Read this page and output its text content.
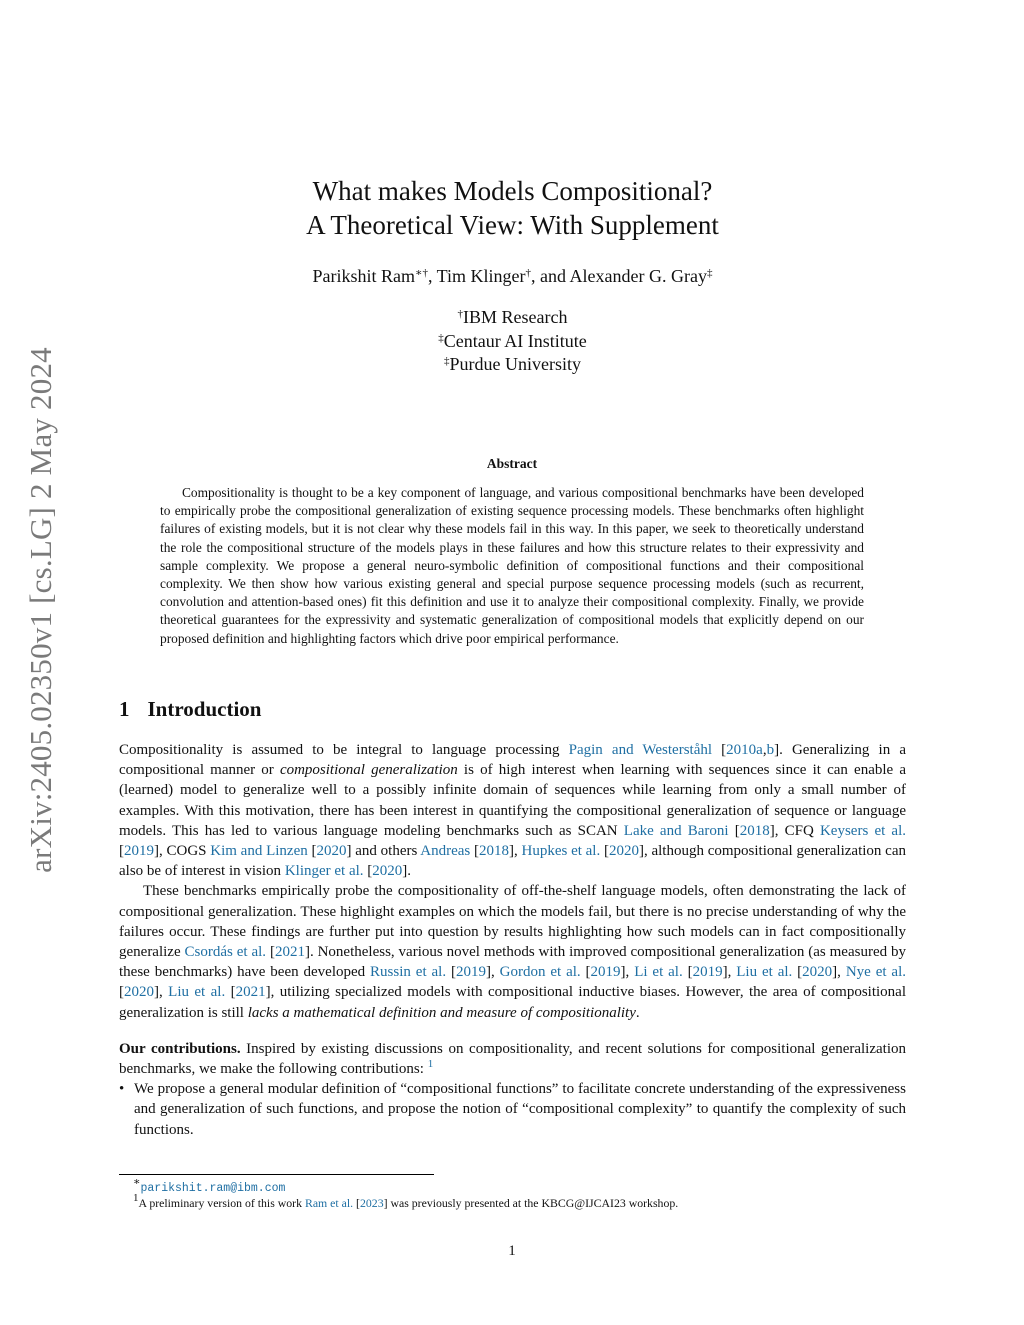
arXiv:2405.02350v1 [cs.LG] 2 May 2024
What makes Models Compositional?
A Theoretical View: With Supplement
Parikshit Ram∗†, Tim Klinger†, and Alexander G. Gray‡
†IBM Research
‡Centaur AI Institute
‡Purdue University
Abstract

Compositionality is thought to be a key component of language, and various compositional benchmarks have been developed to empirically probe the compositional generalization of existing sequence processing models. These benchmarks often highlight failures of existing models, but it is not clear why these models fail in this way. In this paper, we seek to theoretically understand the role the compositional structure of the models plays in these failures and how this structure relates to their expressivity and sample complexity. We propose a general neuro-symbolic definition of compositional functions and their compositional complexity. We then show how various existing general and special purpose sequence processing models (such as recurrent, convolution and attention-based ones) fit this definition and use it to analyze their compositional complexity. Finally, we provide theoretical guarantees for the expressivity and systematic generalization of compositional models that explicitly depend on our proposed definition and highlighting factors which drive poor empirical performance.

1 Introduction

Compositionality is assumed to be integral to language processing Pagin and Westerståhl [2010a,b]. Generalizing in a compositional manner or compositional generalization is of high interest when learning with sequences since it can enable a (learned) model to generalize well to a possibly infinite domain of sequences while learning from only a small number of examples. With this motivation, there has been interest in quantifying the compositional generalization of sequence or language models. This has led to various language modeling benchmarks such as SCAN Lake and Baroni [2018], CFQ Keysers et al. [2019], COGS Kim and Linzen [2020] and others Andreas [2018], Hupkes et al. [2020], although compositional generalization can also be of interest in vision Klinger et al. [2020].

These benchmarks empirically probe the compositionality of off-the-shelf language models, often demonstrating the lack of compositional generalization. These highlight examples on which the models fail, but there is no precise understanding of why the failures occur. These findings are further put into question by results highlighting how such models can in fact compositionally generalize Csordás et al. [2021]. Nonetheless, various novel methods with improved compositional generalization (as measured by these benchmarks) have been developed Russin et al. [2019], Gordon et al. [2019], Li et al. [2019], Liu et al. [2020], Nye et al. [2020], Liu et al. [2021], utilizing specialized models with compositional inductive biases. However, the area of compositional generalization is still lacks a mathematical definition and measure of compositionality.

Our contributions. Inspired by existing discussions on compositionality, and recent solutions for compositional generalization benchmarks, we make the following contributions: $^1$

• We propose a general modular definition of “compositional functions” to facilitate concrete understanding of the expressiveness and generalization of such functions, and propose the notion of “compositional complexity” to quantify the complexity of such functions.
∗parikshit.ram@ibm.com
$^1$A preliminary version of this work Ram et al. [2023] was previously presented at the KBCG@IJCAI23 workshop.
1
